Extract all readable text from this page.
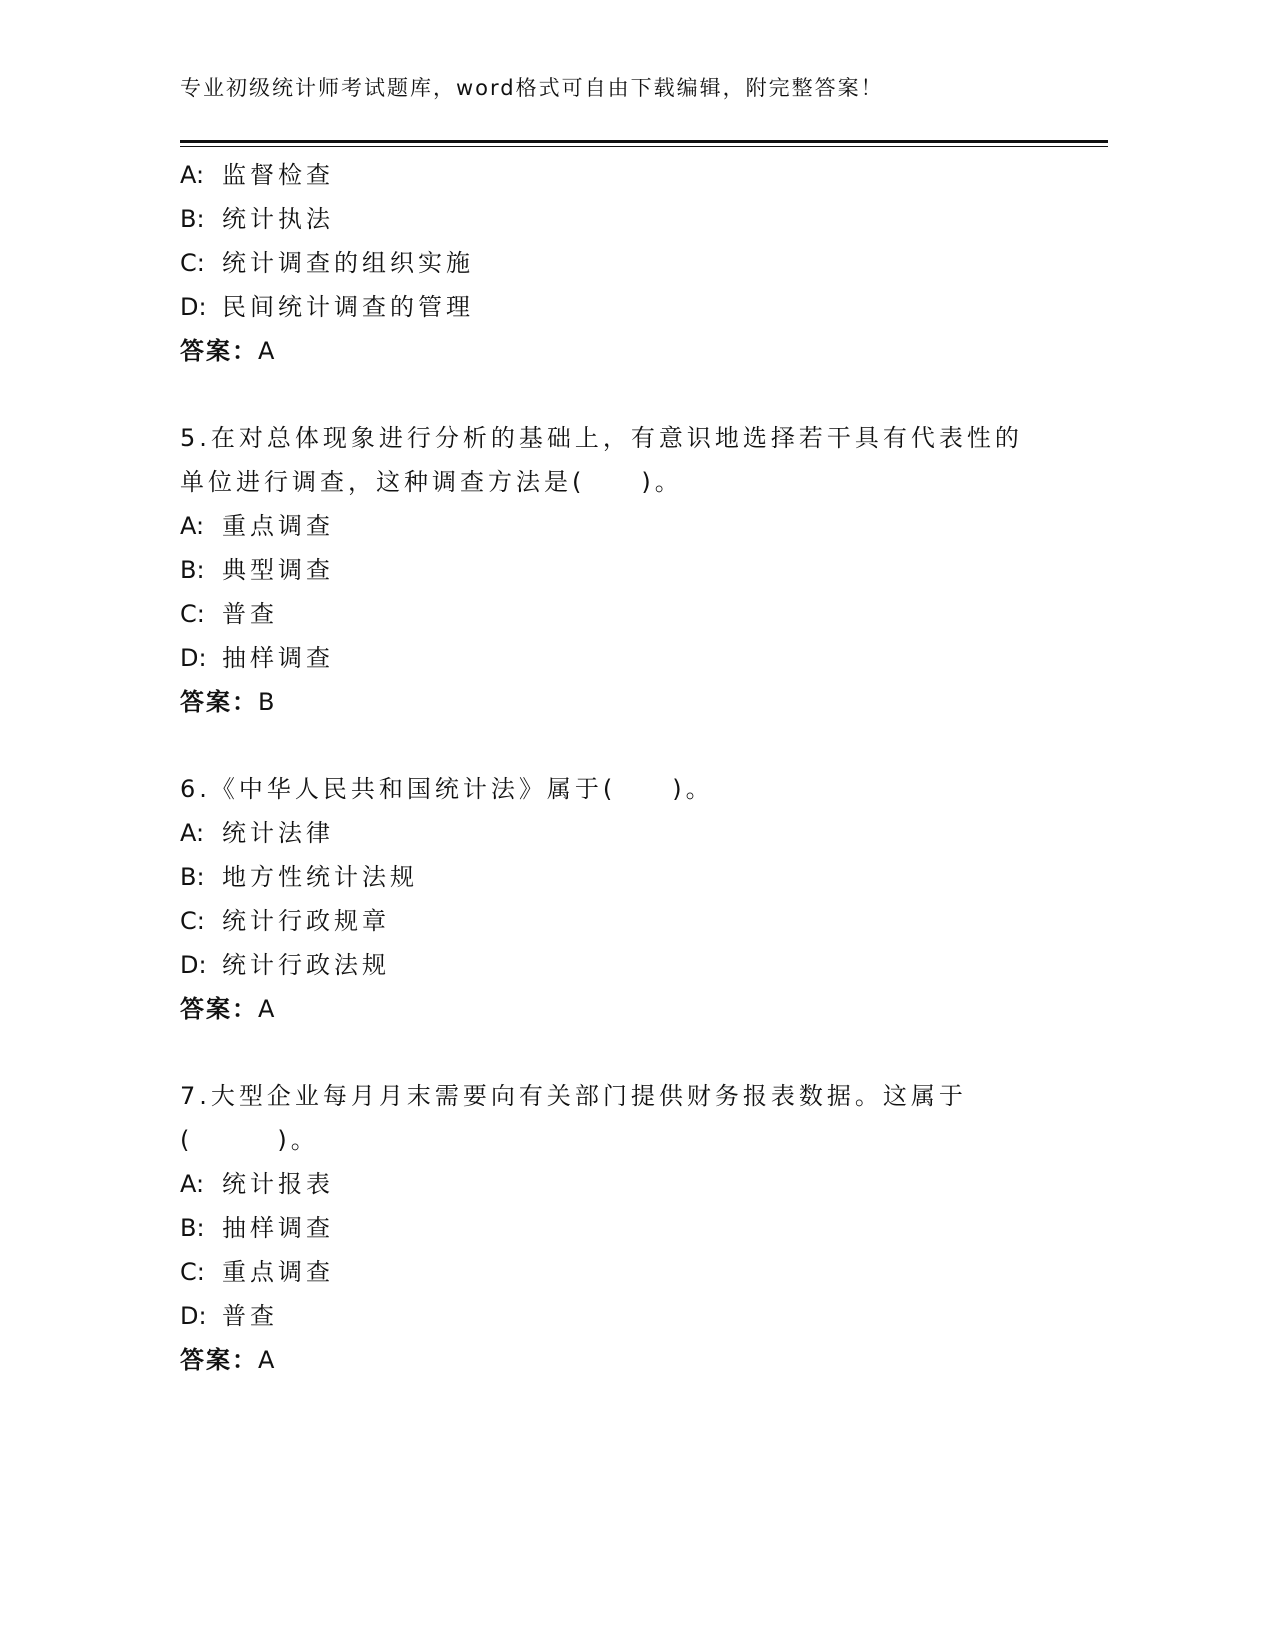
专业初级统计师考试题库，word格式可自由下载编辑，附完整答案！
A: 监督检查
B: 统计执法
C: 统计调查的组织实施
D: 民间统计调查的管理
答案：A
5.在对总体现象进行分析的基础上，有意识地选择若干具有代表性的
单位进行调查，这种调查方法是(　　)。
A: 重点调查
B: 典型调查
C: 普查
D: 抽样调查
答案：B
6.《中华人民共和国统计法》属于(　　)。
A: 统计法律
B: 地方性统计法规
C: 统计行政规章
D: 统计行政法规
答案：A
7.大型企业每月月末需要向有关部门提供财务报表数据。这属于
(　　　)。
A: 统计报表
B: 抽样调查
C: 重点调查
D: 普查
答案：A
